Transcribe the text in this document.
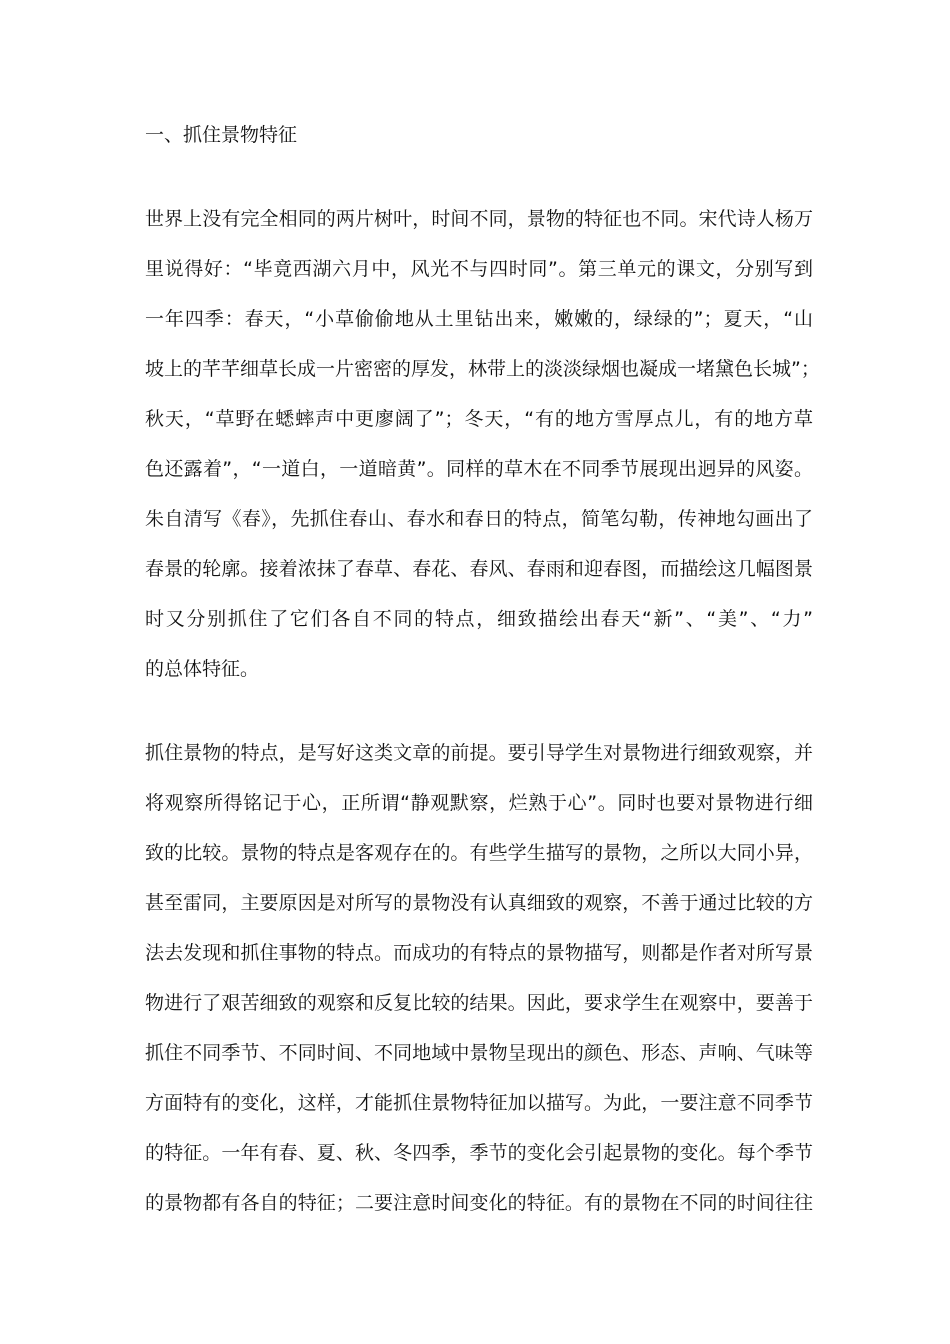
一、抓住景物特征
世界上没有完全相同的两片树叶，时间不同，景物的特征也不同。宋代诗人杨万
里说得好：“毕竟西湖六月中，风光不与四时同”。第三单元的课文，分别写到
一年四季：春天，“小草偷偷地从土里钻出来，嫩嫩的，绿绿的”；夏天，“山
坡上的芊芊细草长成一片密密的厚发，林带上的淡淡绿烟也凝成一堵黛色长城”；
秋天，“草野在蟋蟀声中更廖阔了”；冬天，“有的地方雪厚点儿，有的地方草
色还露着”，“一道白，一道暗黄”。同样的草木在不同季节展现出迥异的风姿。
朱自清写《春》，先抓住春山、春水和春日的特点，简笔勾勒，传神地勾画出了
春景的轮廓。接着浓抹了春草、春花、春风、春雨和迎春图，而描绘这几幅图景
时又分别抓住了它们各自不同的特点，细致描绘出春天“新”、“美”、“力”
的总体特征。
抓住景物的特点，是写好这类文章的前提。要引导学生对景物进行细致观察，并
将观察所得铭记于心，正所谓“静观默察，烂熟于心”。同时也要对景物进行细
致的比较。景物的特点是客观存在的。有些学生描写的景物，之所以大同小异，
甚至雷同，主要原因是对所写的景物没有认真细致的观察，不善于通过比较的方
法去发现和抓住事物的特点。而成功的有特点的景物描写，则都是作者对所写景
物进行了艰苦细致的观察和反复比较的结果。因此，要求学生在观察中，要善于
抓住不同季节、不同时间、不同地域中景物呈现出的颜色、形态、声响、气味等
方面特有的变化，这样，才能抓住景物特征加以描写。为此，一要注意不同季节
的特征。一年有春、夏、秋、冬四季，季节的变化会引起景物的变化。每个季节
的景物都有各自的特征；二要注意时间变化的特征。有的景物在不同的时间往往
